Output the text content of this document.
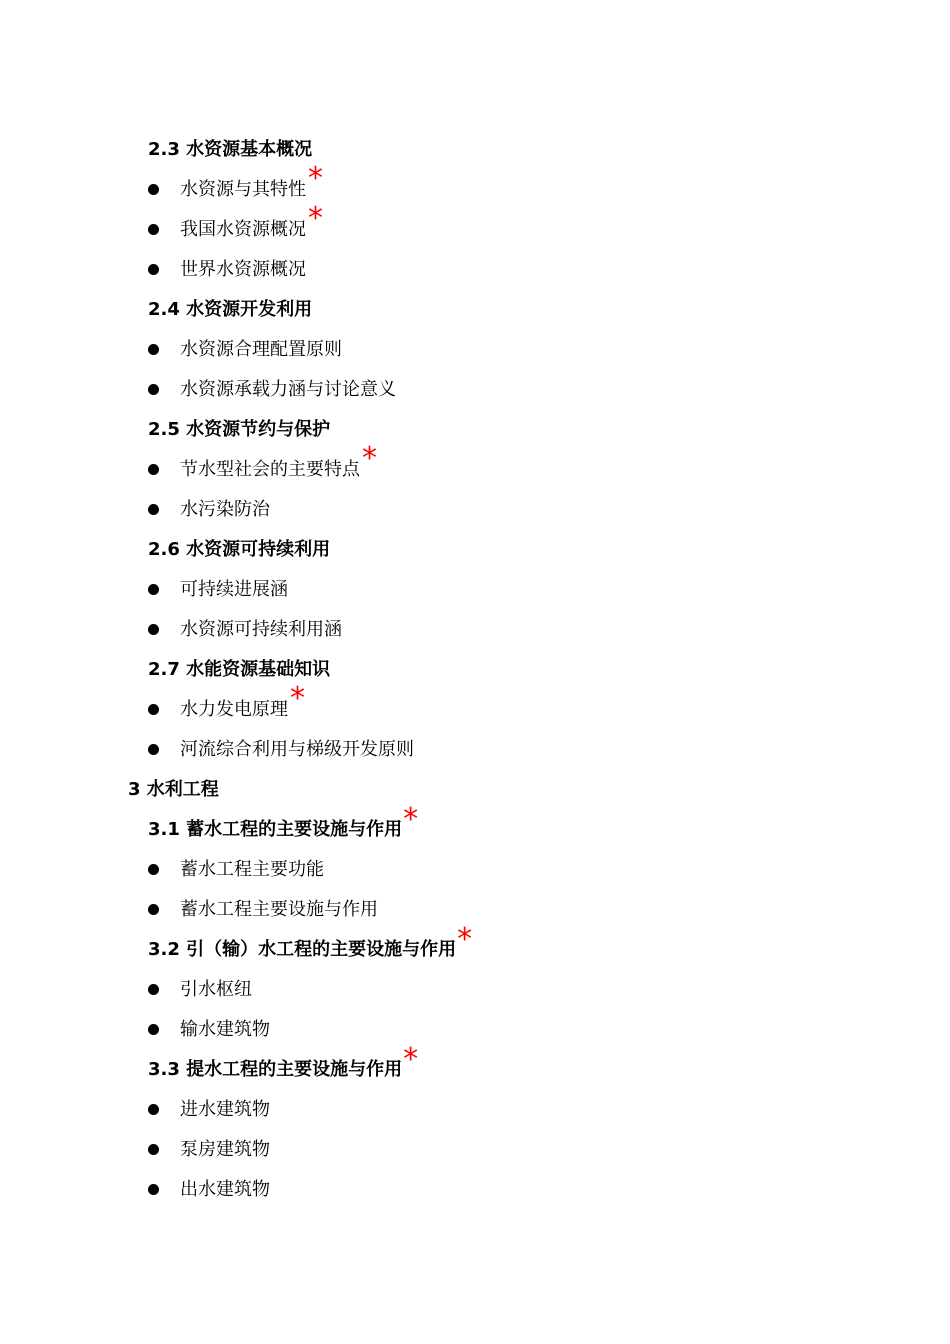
2.3 水资源基本概况
水资源与其特性 *
我国水资源概况 *
世界水资源概况
2.4 水资源开发利用
水资源合理配置原则
水资源承载力涵与讨论意义
2.5 水资源节约与保护
节水型社会的主要特点 *
水污染防治
2.6 水资源可持续利用
可持续进展涵
水资源可持续利用涵
2.7 水能资源基础知识
水力发电原理 *
河流综合利用与梯级开发原则
3 水利工程
3.1 蓄水工程的主要设施与作用*
蓄水工程主要功能
蓄水工程主要设施与作用
3.2 引（输）水工程的主要设施与作用*
引水枢纽
输水建筑物
3.3 提水工程的主要设施与作用*
进水建筑物
泵房建筑物
出水建筑物
